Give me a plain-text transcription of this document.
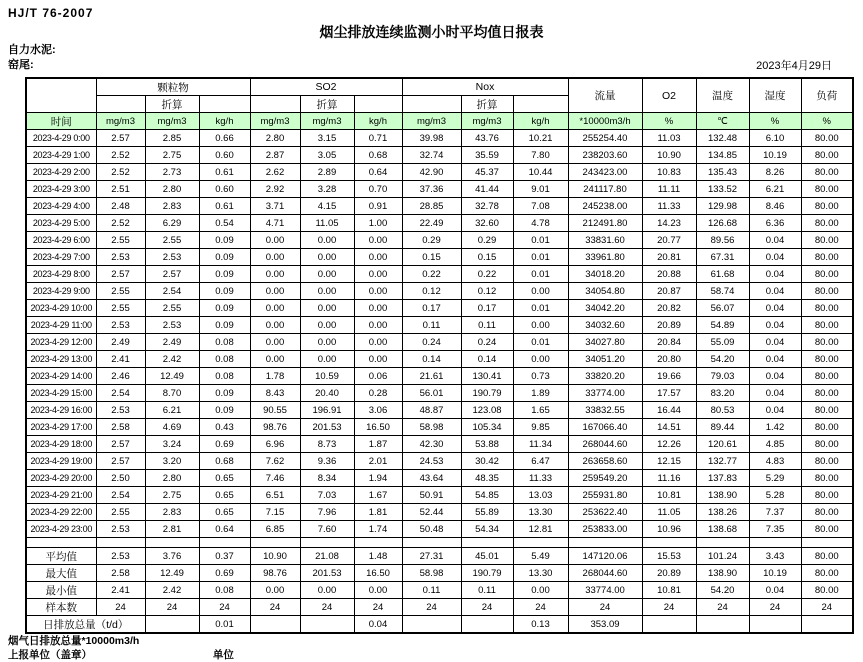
HJ/T 76-2007
烟尘排放连续监测小时平均值日报表
自力水泥:
窑尾:	2023年4月29日
	颗粒物			SO2			Nox			流量	O2	温度	湿度	负荷
		折算			折算			折算						
时间	mg/m3	mg/m3	kg/h	mg/m3	mg/m3	kg/h	mg/m3	mg/m3	kg/h	*10000m3/h	%	℃	%	%
2023-4-29 0:00	2.57	2.85	0.66	2.80	3.15	0.71	39.98	43.76	10.21	255254.40	11.03	132.48	6.10	80.00
2023-4-29 1:00	2.52	2.75	0.60	2.87	3.05	0.68	32.74	35.59	7.80	238203.60	10.90	134.85	10.19	80.00
2023-4-29 2:00	2.52	2.73	0.61	2.62	2.89	0.64	42.90	45.37	10.44	243423.00	10.83	135.43	8.26	80.00
2023-4-29 3:00	2.51	2.80	0.60	2.92	3.28	0.70	37.36	41.44	9.01	241117.80	11.11	133.52	6.21	80.00
2023-4-29 4:00	2.48	2.83	0.61	3.71	4.15	0.91	28.85	32.78	7.08	245238.00	11.33	129.98	8.46	80.00
2023-4-29 5:00	2.52	6.29	0.54	4.71	11.05	1.00	22.49	32.60	4.78	212491.80	14.23	126.68	6.36	80.00
2023-4-29 6:00	2.55	2.55	0.09	0.00	0.00	0.00	0.29	0.29	0.01	33831.60	20.77	89.56	0.04	80.00
2023-4-29 7:00	2.53	2.53	0.09	0.00	0.00	0.00	0.15	0.15	0.01	33961.80	20.81	67.31	0.04	80.00
2023-4-29 8:00	2.57	2.57	0.09	0.00	0.00	0.00	0.22	0.22	0.01	34018.20	20.88	61.68	0.04	80.00
2023-4-29 9:00	2.55	2.54	0.09	0.00	0.00	0.00	0.12	0.12	0.00	34054.80	20.87	58.74	0.04	80.00
2023-4-29 10:00	2.55	2.55	0.09	0.00	0.00	0.00	0.17	0.17	0.01	34042.20	20.82	56.07	0.04	80.00
2023-4-29 11:00	2.53	2.53	0.09	0.00	0.00	0.00	0.11	0.11	0.00	34032.60	20.89	54.89	0.04	80.00
2023-4-29 12:00	2.49	2.49	0.08	0.00	0.00	0.00	0.24	0.24	0.01	34027.80	20.84	55.09	0.04	80.00
2023-4-29 13:00	2.41	2.42	0.08	0.00	0.00	0.00	0.14	0.14	0.00	34051.20	20.80	54.20	0.04	80.00
2023-4-29 14:00	2.46	12.49	0.08	1.78	10.59	0.06	21.61	130.41	0.73	33820.20	19.66	79.03	0.04	80.00
2023-4-29 15:00	2.54	8.70	0.09	8.43	20.40	0.28	56.01	190.79	1.89	33774.00	17.57	83.20	0.04	80.00
2023-4-29 16:00	2.53	6.21	0.09	90.55	196.91	3.06	48.87	123.08	1.65	33832.55	16.44	80.53	0.04	80.00
2023-4-29 17:00	2.58	4.69	0.43	98.76	201.53	16.50	58.98	105.34	9.85	167066.40	14.51	89.44	1.42	80.00
2023-4-29 18:00	2.57	3.24	0.69	6.96	8.73	1.87	42.30	53.88	11.34	268044.60	12.26	120.61	4.85	80.00
2023-4-29 19:00	2.57	3.20	0.68	7.62	9.36	2.01	24.53	30.42	6.47	263658.60	12.15	132.77	4.83	80.00
2023-4-29 20:00	2.50	2.80	0.65	7.46	8.34	1.94	43.64	48.35	11.33	259549.20	11.16	137.83	5.29	80.00
2023-4-29 21:00	2.54	2.75	0.65	6.51	7.03	1.67	50.91	54.85	13.03	255931.80	10.81	138.90	5.28	80.00
2023-4-29 22:00	2.55	2.83	0.65	7.15	7.96	1.81	52.44	55.89	13.30	253622.40	11.05	138.26	7.37	80.00
2023-4-29 23:00	2.53	2.81	0.64	6.85	7.60	1.74	50.48	54.34	12.81	253833.00	10.96	138.68	7.35	80.00

平均值	2.53	3.76	0.37	10.90	21.08	1.48	27.31	45.01	5.49	147120.06	15.53	101.24	3.43	80.00
最大值	2.58	12.49	0.69	98.76	201.53	16.50	58.98	190.79	13.30	268044.60	20.89	138.90	10.19	80.00
最小值	2.41	2.42	0.08	0.00	0.00	0.00	0.11	0.11	0.00	33774.00	10.81	54.20	0.04	80.00
样本数	24	24	24	24	24	24	24	24	24	24	24	24	24	24
日排放总量（t/d）			0.01			0.04			0.13	353.09				
烟气日排放总量*10000m3/h
上报单位（盖章）	单位
